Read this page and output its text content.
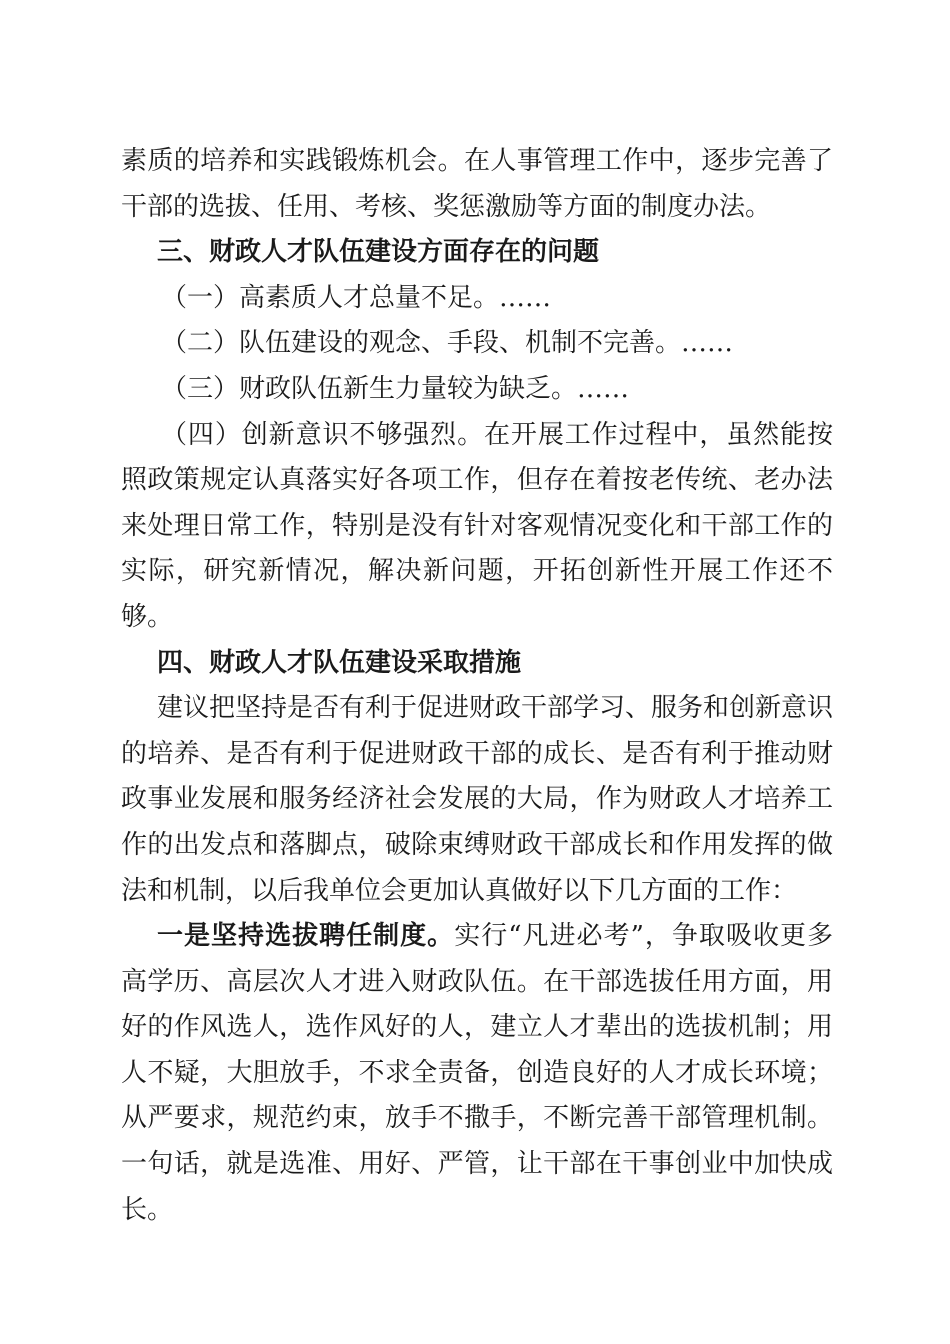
素质的培养和实践锻炼机会。在人事管理工作中，逐步完善了干部的选拔、任用、考核、奖惩激励等方面的制度办法。

三、财政人才队伍建设方面存在的问题

（一）高素质人才总量不足。……

（二）队伍建设的观念、手段、机制不完善。……

（三）财政队伍新生力量较为缺乏。……

（四）创新意识不够强烈。在开展工作过程中，虽然能按照政策规定认真落实好各项工作，但存在着按老传统、老办法来处理日常工作，特别是没有针对客观情况变化和干部工作的实际，研究新情况，解决新问题，开拓创新性开展工作还不够。

四、财政人才队伍建设采取措施

建议把坚持是否有利于促进财政干部学习、服务和创新意识的培养、是否有利于促进财政干部的成长、是否有利于推动财政事业发展和服务经济社会发展的大局，作为财政人才培养工作的出发点和落脚点，破除束缚财政干部成长和作用发挥的做法和机制，以后我单位会更加认真做好以下几方面的工作：

一是坚持选拔聘任制度。实行“凡进必考”，争取吸收更多高学历、高层次人才进入财政队伍。在干部选拔任用方面，用好的作风选人，选作风好的人，建立人才辈出的选拔机制；用人不疑，大胆放手，不求全责备，创造良好的人才成长环境；从严要求，规范约束，放手不撒手，不断完善干部管理机制。一句话，就是选准、用好、严管，让干部在干事创业中加快成长。
